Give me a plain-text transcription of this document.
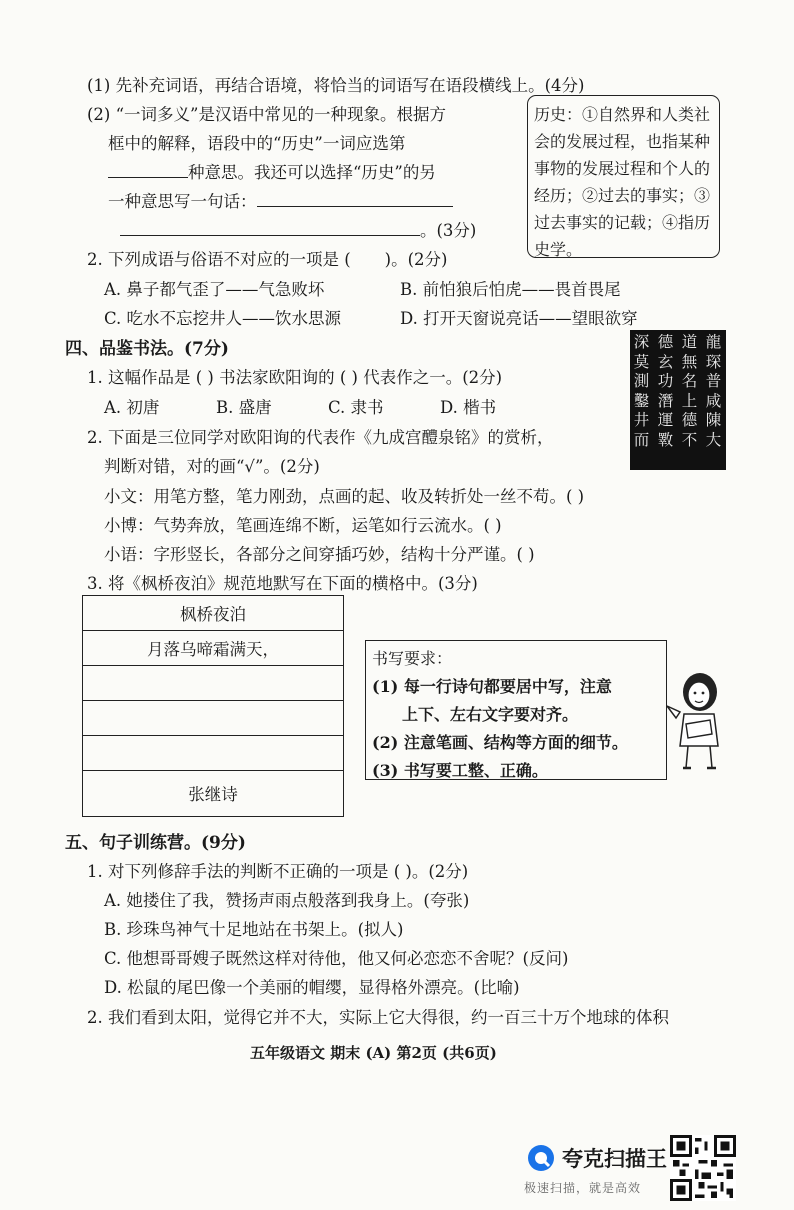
(1) 先补充词语，再结合语境，将恰当的词语写在语段横线上。(4分)
(2) “一词多义”是汉语中常见的一种现象。根据方
框中的解释，语段中的“历史”一词应选第
种意思。我还可以选择“历史”的另
一种意思写一句话：
。(3分)
历史：①自然界和人类社会的发展过程，也指某种事物的发展过程和个人的经历；②过去的事实；③过去事实的记载；④指历史学。
2. 下列成语与俗语不对应的一项是 ( )。(2分)
A. 鼻子都气歪了——气急败坏	B. 前怕狼后怕虎——畏首畏尾
C. 吃水不忘挖井人——饮水思源	D. 打开天窗说亮话——望眼欲穿
四、品鉴书法。(7分)
1. 这幅作品是 ( ) 书法家欧阳询的 ( ) 代表作之一。(2分)
A. 初唐	B. 盛唐	C. 隶书	D. 楷书
龍琛普咸陳大
道無名上德不
德玄功潛運斁
深莫測鑿井而
2. 下面是三位同学对欧阳询的代表作《九成宫醴泉铭》的赏析，
判断对错，对的画“√”。(2分)
小文：用笔方整，笔力刚劲，点画的起、收及转折处一丝不苟。( )
小博：气势奔放，笔画连绵不断，运笔如行云流水。( )
小语：字形竖长，各部分之间穿插巧妙，结构十分严谨。( )
3. 将《枫桥夜泊》规范地默写在下面的横格中。(3分)
枫桥夜泊
月落乌啼霜满天，
张继诗
书写要求：
(1) 每一行诗句都要居中写，注意
上下、左右文字要对齐。
(2) 注意笔画、结构等方面的细节。
(3) 书写要工整、正确。
五、句子训练营。(9分)
1. 对下列修辞手法的判断不正确的一项是 ( )。(2分)
A. 她搂住了我，赞扬声雨点般落到我身上。(夸张)
B. 珍珠鸟神气十足地站在书架上。(拟人)
C. 他想哥哥嫂子既然这样对待他，他又何必恋恋不舍呢？(反问)
D. 松鼠的尾巴像一个美丽的帽缨，显得格外漂亮。(比喻)
2. 我们看到太阳，觉得它并不大，实际上它大得很，约一百三十万个地球的体积
五年级语文 期末 (A) 第2页 (共6页)
夸克扫描王
极速扫描，就是高效
